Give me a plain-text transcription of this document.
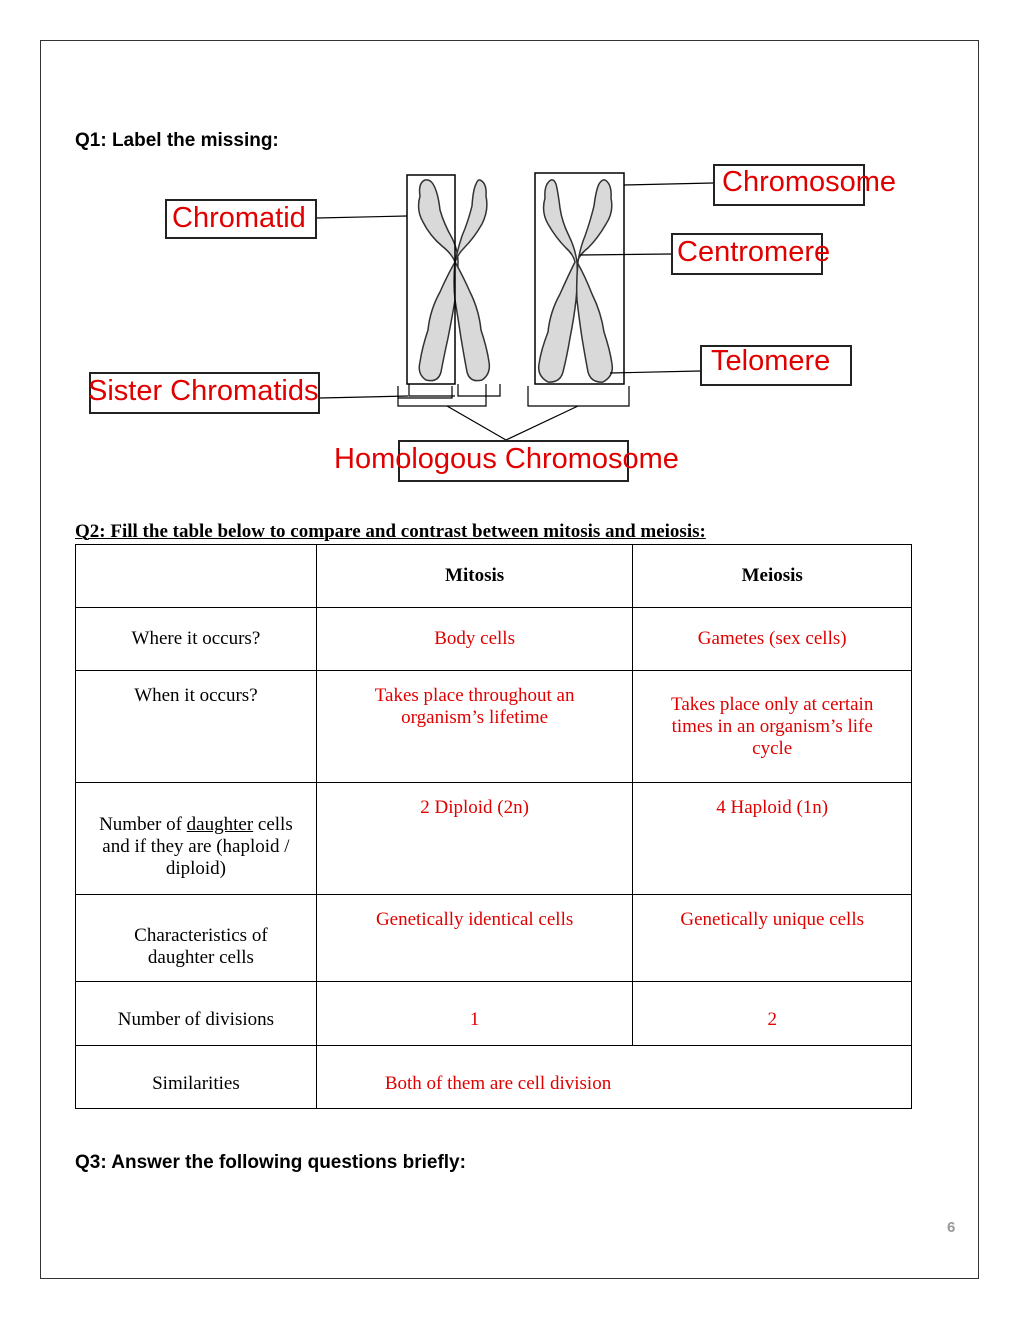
Q1: Label the missing:

Chromatid
Chromosome
Centromere
Telomere
Sister Chromatids
Homologous Chromosome

Q2: Fill the table below to compare and contrast between mitosis and meiosis:

	Mitosis	Meiosis
Where it occurs?	Body cells	Gametes (sex cells)
When it occurs?	Takes place throughout an organism’s lifetime	Takes place only at certain times in an organism’s life cycle
Number of daughter cells and if they are (haploid / diploid)	2 Diploid (2n)	4 Haploid (1n)
Characteristics of daughter cells	Genetically identical cells	Genetically unique cells
Number of divisions	1	2
Similarities	Both of them are cell division	

Q3: Answer the following questions briefly:

6
